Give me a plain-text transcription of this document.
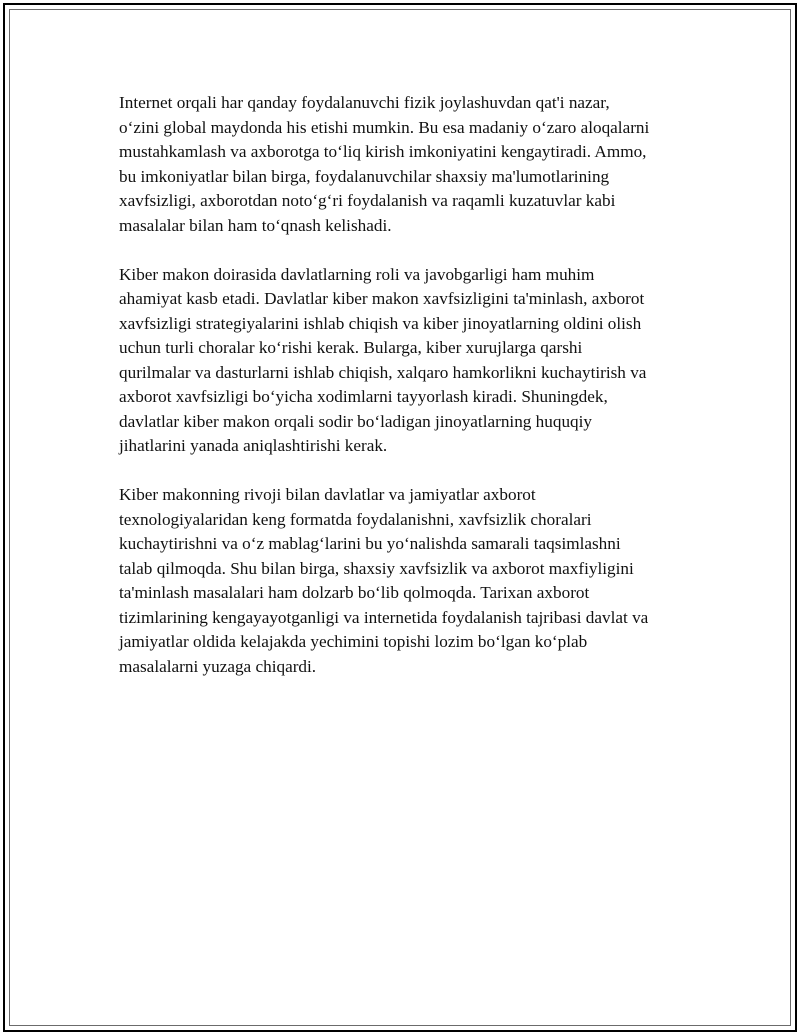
Internet orqali har qanday foydalanuvchi fizik joylashuvdan qat'i nazar,
o‘zini global maydonda his etishi mumkin. Bu esa madaniy o‘zaro aloqalarni
mustahkamlash va axborotga to‘liq kirish imkoniyatini kengaytiradi. Ammo,
bu imkoniyatlar bilan birga, foydalanuvchilar shaxsiy ma'lumotlarining
xavfsizligi, axborotdan noto‘g‘ri foydalanish va raqamli kuzatuvlar kabi
masalalar bilan ham to‘qnash kelishadi.

Kiber makon doirasida davlatlarning roli va javobgarligi ham muhim
ahamiyat kasb etadi. Davlatlar kiber makon xavfsizligini ta'minlash, axborot
xavfsizligi strategiyalarini ishlab chiqish va kiber jinoyatlarning oldini olish
uchun turli choralar ko‘rishi kerak. Bularga, kiber xurujlarga qarshi
qurilmalar va dasturlarni ishlab chiqish, xalqaro hamkorlikni kuchaytirish va
axborot xavfsizligi bo‘yicha xodimlarni tayyorlash kiradi. Shuningdek,
davlatlar kiber makon orqali sodir bo‘ladigan jinoyatlarning huquqiy
jihatlarini yanada aniqlashtirishi kerak.

Kiber makonning rivoji bilan davlatlar va jamiyatlar axborot
texnologiyalaridan keng formatda foydalanishni, xavfsizlik choralari
kuchaytirishni va o‘z mablag‘larini bu yo‘nalishda samarali taqsimlashni
talab qilmoqda. Shu bilan birga, shaxsiy xavfsizlik va axborot maxfiyligini
ta'minlash masalalari ham dolzarb bo‘lib qolmoqda. Tarixan axborot
tizimlarining kengayayotganligi va internetida foydalanish tajribasi davlat va
jamiyatlar oldida kelajakda yechimini topishi lozim bo‘lgan ko‘plab
masalalarni yuzaga chiqardi.
